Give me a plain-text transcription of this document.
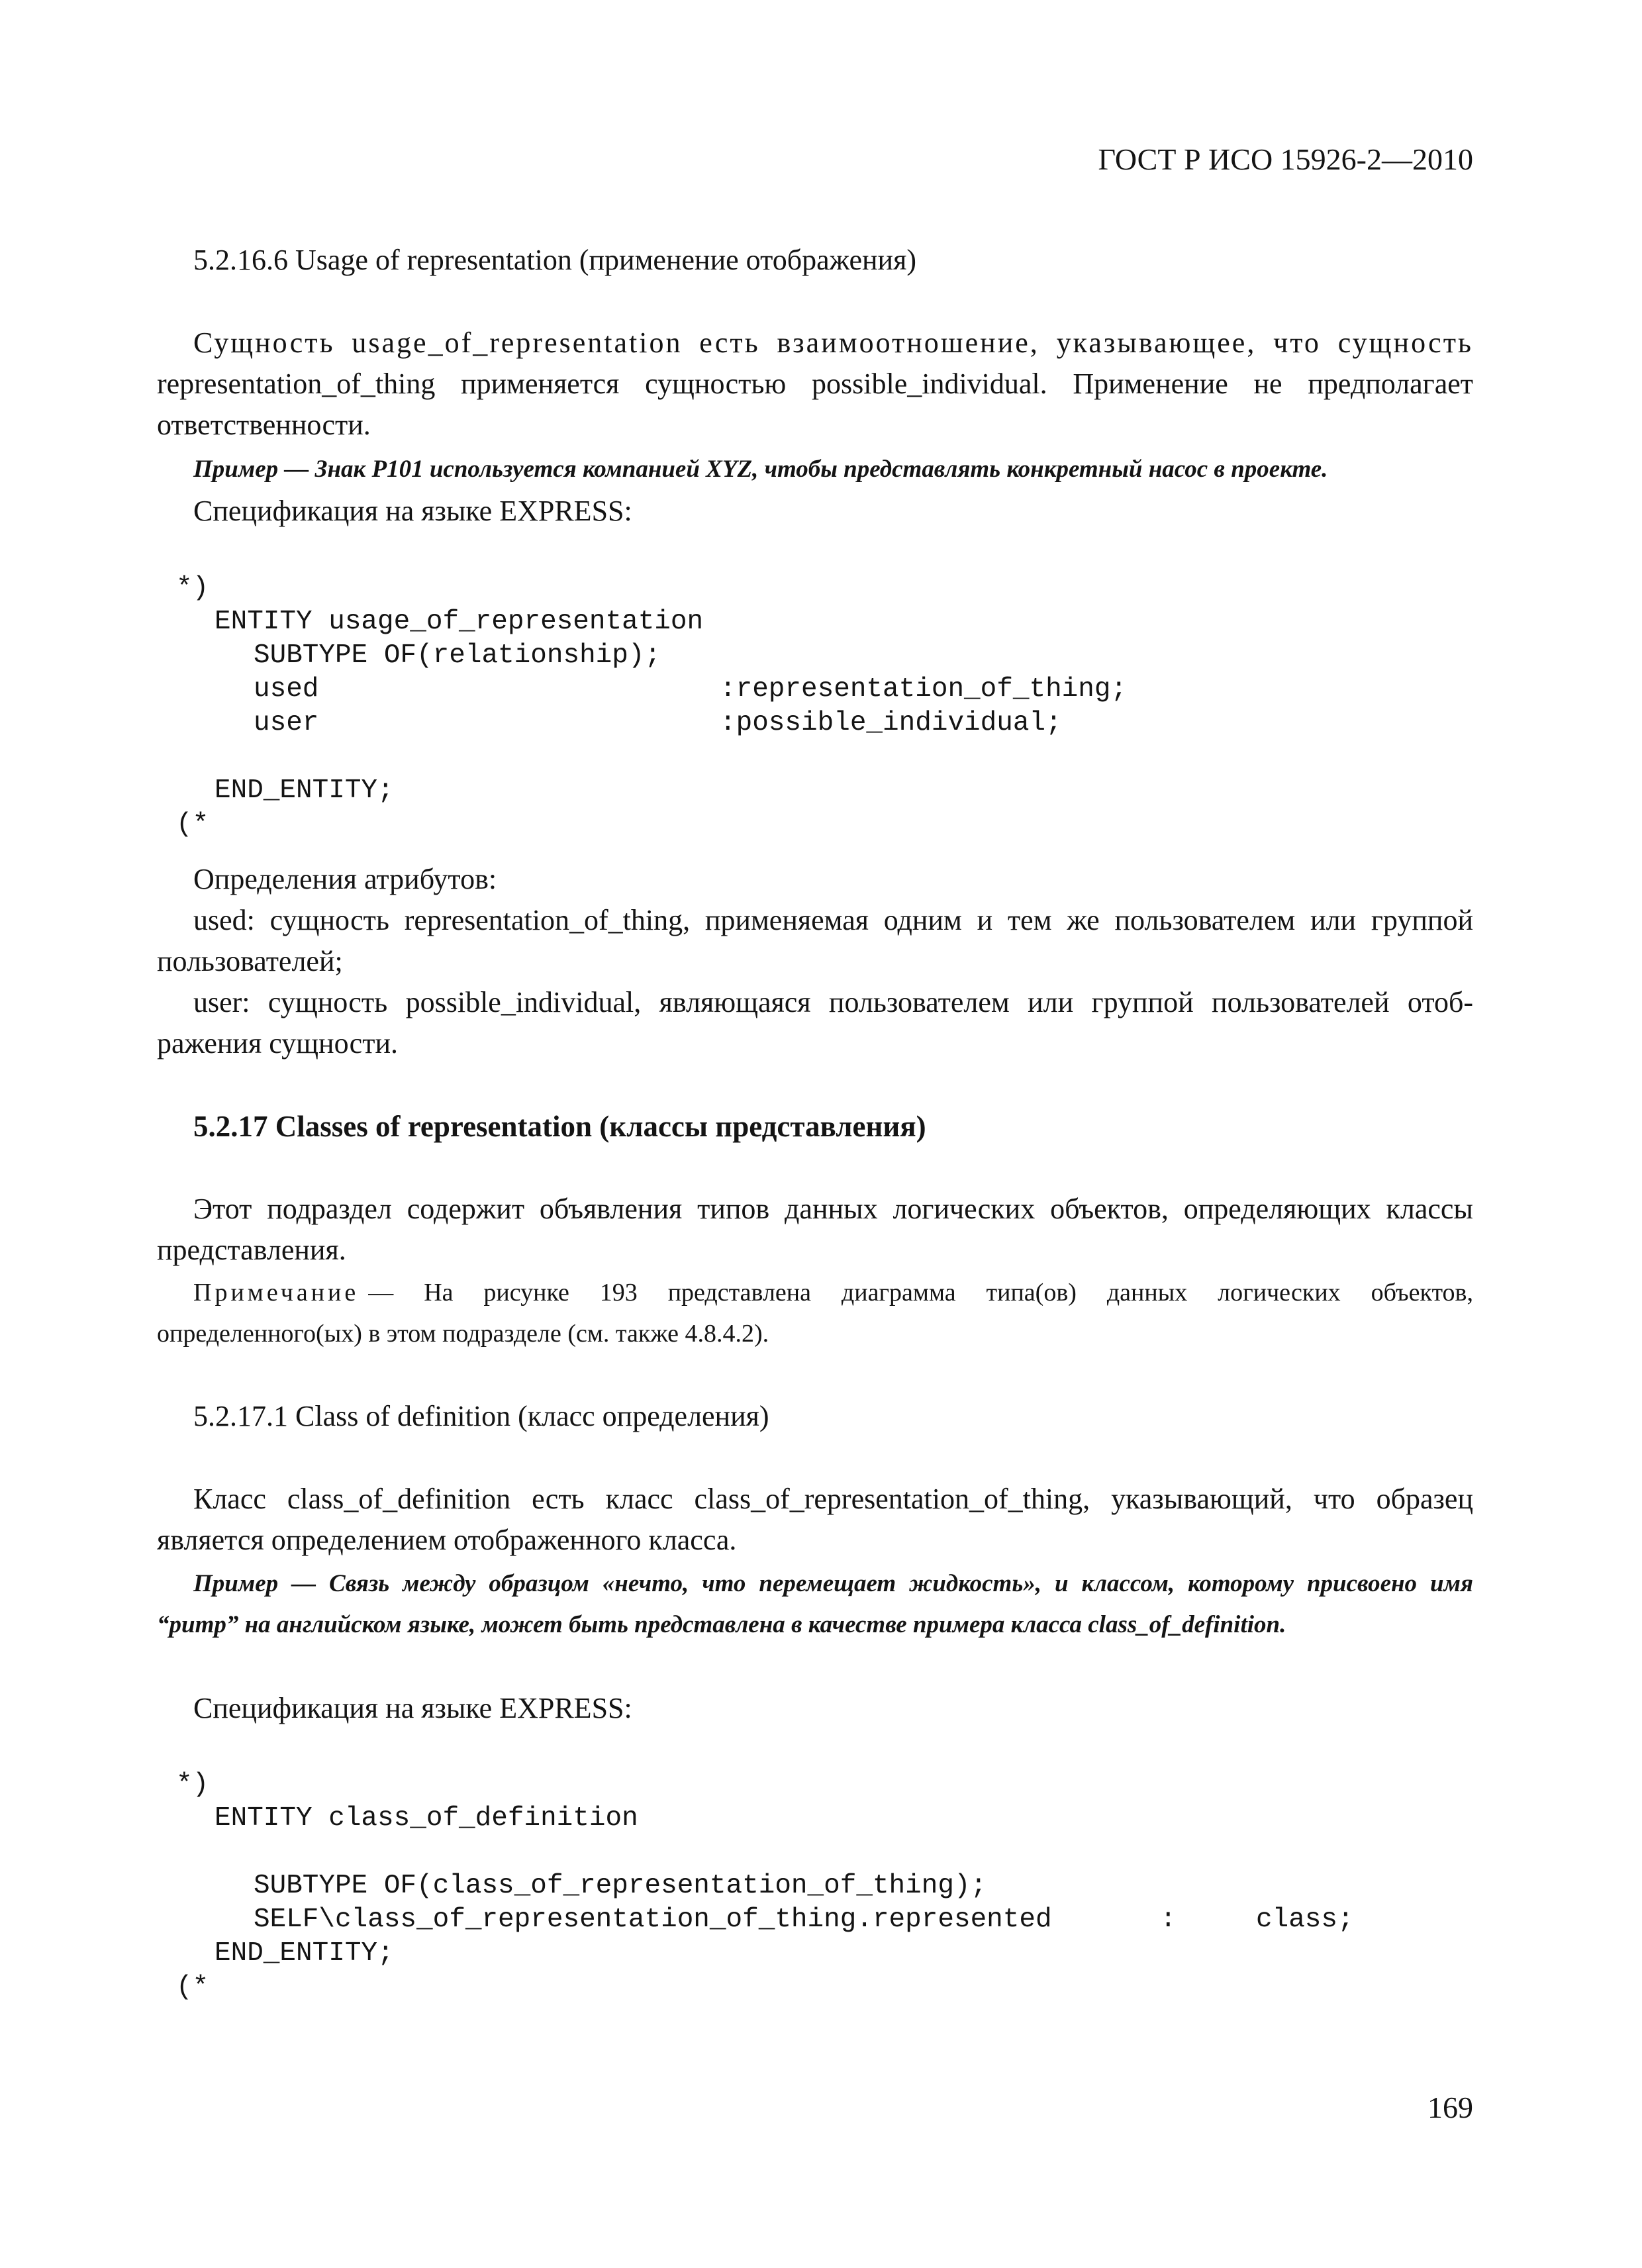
ГОСТ Р ИСО 15926-2—2010
5.2.16.6 Usage of representation (применение отображения)
Сущность usage_of_representation есть взаимоотношение, указывающее, что сущность
representation_of_thing применяется сущностью possible_individual. Применение не предполагает
ответственности.
Пример — Знак Р101 используется компанией XYZ, чтобы представлять конкретный насос в проекте.
Спецификация на языке EXPRESS:
*)
ENTITY usage_of_representation
SUBTYPE OF(relationship);
used	:representation_of_thing;
user	:possible_individual;
END_ENTITY;
(*
Определения атрибутов:
used: сущность representation_of_thing, применяемая одним и тем же пользователем или группой
пользователей;
user: сущность possible_individual, являющаяся пользователем или группой пользователей отоб-
ражения сущности.
5.2.17 Classes of representation (классы представления)
Этот подраздел содержит объявления типов данных логических объектов, определяющих классы
представления.
Примечание — На рисунке 193 представлена диаграмма типа(ов) данных логических объектов,
определенного(ых) в этом подразделе (см. также 4.8.4.2).
5.2.17.1 Class of definition (класс определения)
Класс class_of_definition есть класс class_of_representation_of_thing, указывающий, что образец
является определением отображенного класса.
Пример — Связь между образцом «нечто, что перемещает жидкость», и классом, которому присвоено имя
“pump” на английском языке, может быть представлена в качестве примера класса class_of_definition.
Спецификация на языке EXPRESS:
*)
ENTITY class_of_definition
SUBTYPE OF(class_of_representation_of_thing);
SELF\class_of_representation_of_thing.represented	:	class;
END_ENTITY;
(*
169
